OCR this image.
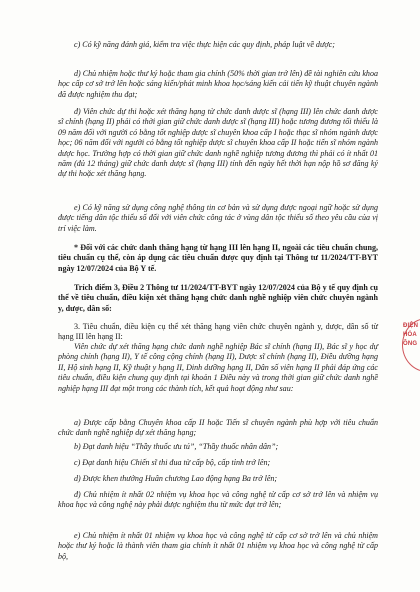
c) Có kỹ năng đánh giá, kiểm tra việc thực hiện các quy định, pháp luật về dược;

d) Chủ nhiệm hoặc thư ký hoặc tham gia chính (50% thời gian trở lên) đề tài nghiên cứu khoa học cấp cơ sở trở lên hoặc sáng kiến/phát minh khoa học/sáng kiến cải tiến kỹ thuật chuyên ngành đã được nghiệm thu đạt;

đ) Viên chức dự thi hoặc xét thăng hạng từ chức danh dược sĩ (hạng III) lên chức danh dược sĩ chính (hạng II) phải có thời gian giữ chức danh dược sĩ (hạng III) hoặc tương đương tối thiểu là 09 năm đối với người có bằng tốt nghiệp dược sĩ chuyên khoa cấp I hoặc thạc sĩ nhóm ngành dược học; 06 năm đối với người có bằng tốt nghiệp dược sĩ chuyên khoa cấp II hoặc tiến sĩ nhóm ngành dược học. Trường hợp có thời gian giữ chức danh nghề nghiệp tương đương thì phải có ít nhất 01 năm (đủ 12 tháng) giữ chức danh dược sĩ (hạng III) tính đến ngày hết thời hạn nộp hồ sơ đăng ký dự thi hoặc xét thăng hạng.

e) Có kỹ năng sử dụng công nghệ thông tin cơ bản và sử dụng được ngoại ngữ hoặc sử dụng được tiếng dân tộc thiểu số đối với viên chức công tác ở vùng dân tộc thiểu số theo yêu cầu của vị trí việc làm.

* Đối với các chức danh thăng hạng từ hạng III lên hạng II, ngoài các tiêu chuẩn chung, tiêu chuẩn cụ thể, còn áp dụng các tiêu chuẩn được quy định tại Thông tư 11/2024/TT-BYT ngày 12/07/2024 của Bộ Y tế.

Trích điểm 3, Điều 2 Thông tư 11/2024/TT-BYT ngày 12/07/2024 của Bộ y tế quy định cụ thể về tiêu chuẩn, điều kiện xét thăng hạng chức danh nghề nghiệp viên chức chuyên ngành y, dược, dân số:

3. Tiêu chuẩn, điều kiện cụ thể xét thăng hạng viên chức chuyên ngành y, dược, dân số từ hạng III lên hạng II:

Viên chức dự xét thăng hạng chức danh nghề nghiệp Bác sĩ chính (hạng II), Bác sĩ y học dự phòng chính (hạng II), Y tế công cộng chính (hạng II), Dược sĩ chính (hạng II), Điều dưỡng hạng II, Hộ sinh hạng II, Kỹ thuật y hạng II, Dinh dưỡng hạng II, Dân số viên hạng II phải đáp ứng các tiêu chuẩn, điều kiện chung quy định tại khoản 1 Điều này và trong thời gian giữ chức danh nghề nghiệp hạng III đạt một trong các thành tích, kết quả hoạt động như sau:

a) Được cấp bằng Chuyên khoa cấp II hoặc Tiến sĩ chuyên ngành phù hợp với tiêu chuẩn chức danh nghề nghiệp dự xét thăng hạng;

b) Đạt danh hiệu “Thầy thuốc ưu tú”, “Thầy thuốc nhân dân”;

c) Đạt danh hiệu Chiến sĩ thi đua từ cấp bộ, cấp tỉnh trở lên;

d) Được khen thưởng Huân chương Lao động hạng Ba trở lên;

đ) Chủ nhiệm ít nhất 02 nhiệm vụ khoa học và công nghệ từ cấp cơ sở trở lên và nhiệm vụ khoa học và công nghệ này phải được nghiệm thu từ mức đạt trở lên;

e) Chủ nhiệm ít nhất 01 nhiệm vụ khoa học và công nghệ từ cấp cơ sở trở lên và chủ nhiệm hoặc thư ký hoặc là thành viên tham gia chính ít nhất 01 nhiệm vụ khoa học và công nghệ từ cấp bộ,

ĐIỆN HÓA ÔNG
